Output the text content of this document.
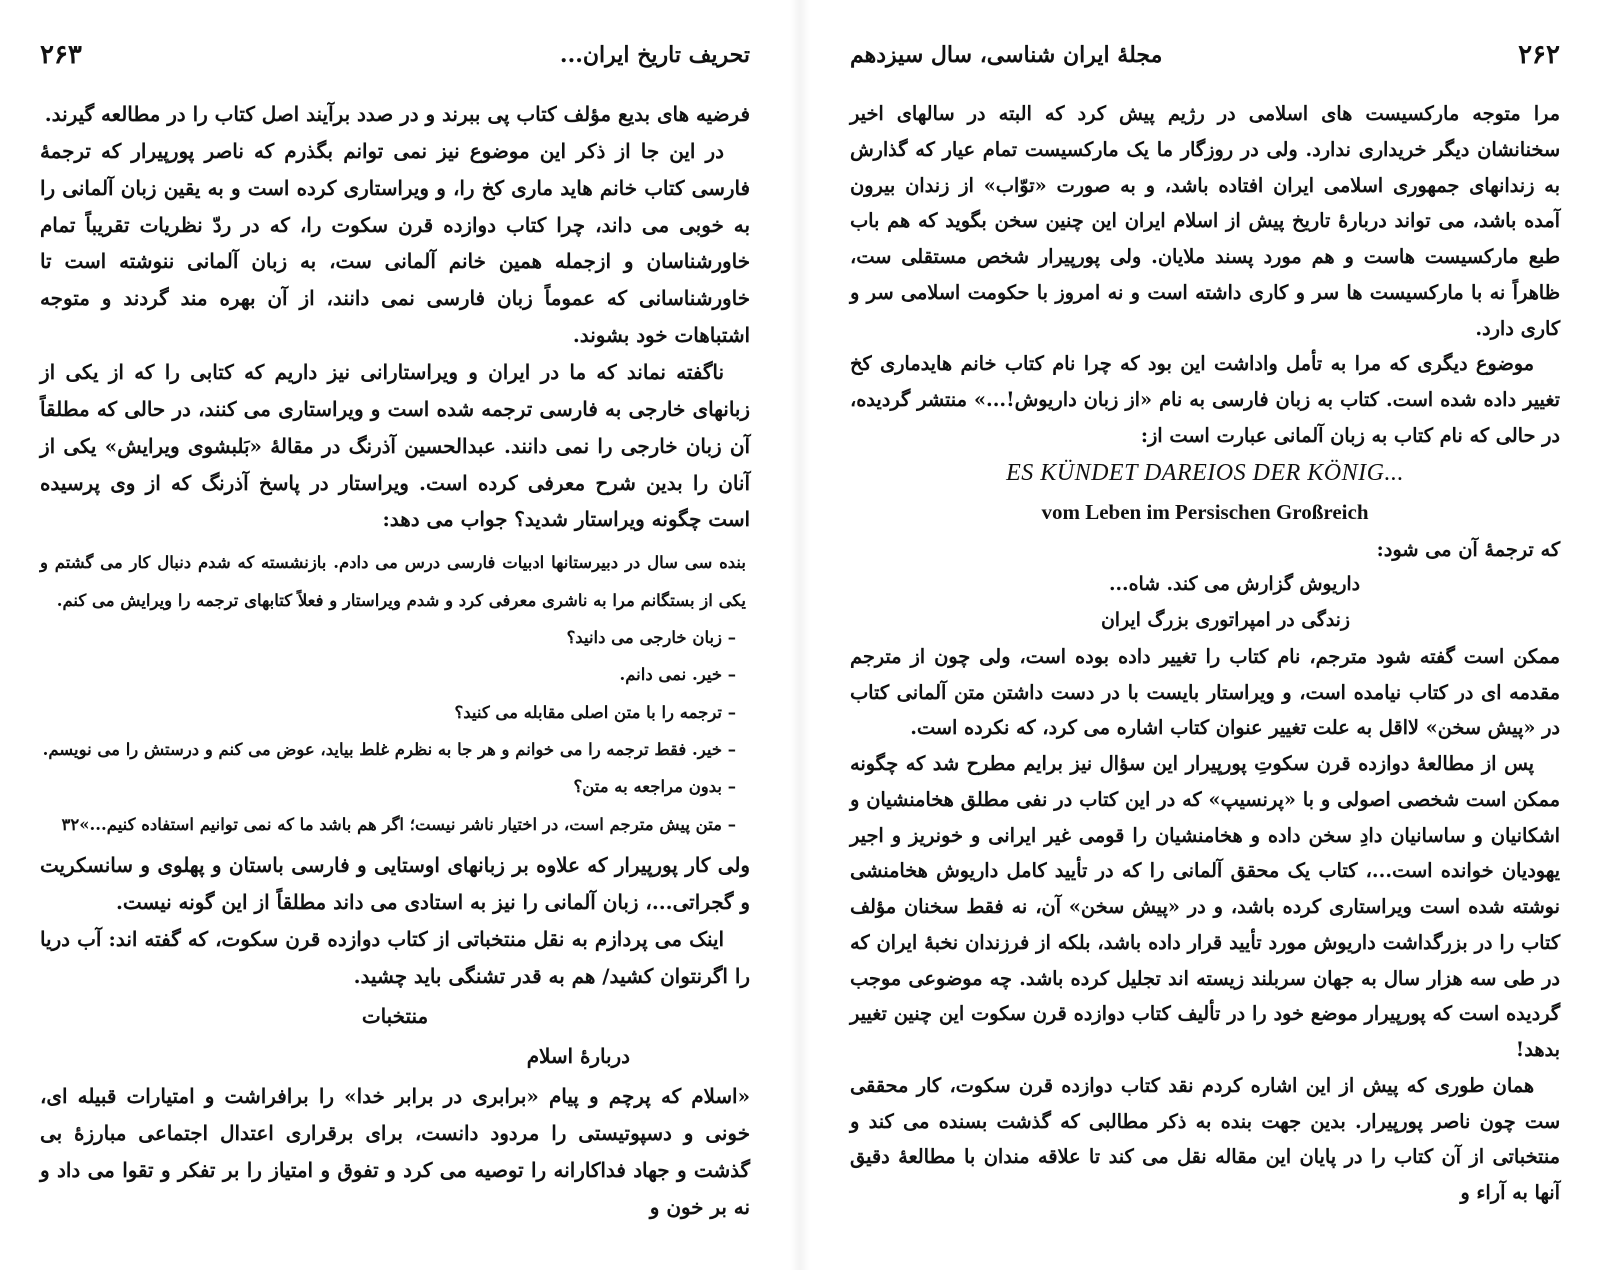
۲۶۳	تحریف تاریخ ایران...

فرضیه های بدیع مؤلف کتاب پی ببرند و در صدد برآیند اصل کتاب را در مطالعه گیرند.

در این جا از ذکر این موضوع نیز نمی توانم بگذرم که ناصر پورپیرار که ترجمهٔ فارسی کتاب خانم هاید ماری کخ را، و ویراستاری کرده است و به یقین زبان آلمانی را به خوبی می داند، چرا کتاب دوازده قرن سکوت را، که در ردّ نظریات تقریباً تمام خاورشناسان و ازجمله همین خانم آلمانی ست، به زبان آلمانی ننوشته است تا خاورشناسانی که عموماً زبان فارسی نمی دانند، از آن بهره مند گردند و متوجه اشتباهات خود بشوند.

ناگفته نماند که ما در ایران و ویراستارانی نیز داریم که کتابی را که از یکی از زبانهای خارجی به فارسی ترجمه شده است و ویراستاری می کنند، در حالی که مطلقاً آن زبان خارجی را نمی دانند. عبدالحسین آذرنگ در مقالهٔ «بَلبشوی ویرایش» یکی از آنان را بدین شرح معرفی کرده است. ویراستار در پاسخ آذرنگ که از وی پرسیده است چگونه ویراستار شدید؟ جواب می دهد:

بنده سی سال در دبیرستانها ادبیات فارسی درس می دادم. بازنشسته که شدم دنبال کار می گشتم و یکی از بستگانم مرا به ناشری معرفی کرد و شدم ویراستار و فعلاً کتابهای ترجمه را ویرایش می کنم.

– زبان خارجی می دانید؟

– خیر. نمی دانم.

– ترجمه را با متن اصلی مقابله می کنید؟

– خیر. فقط ترجمه را می خوانم و هر جا به نظرم غلط بیاید، عوض می کنم و درستش را می نویسم.

– بدون مراجعه به متن؟

– متن پیش مترجم است، در اختیار ناشر نیست؛ اگر هم باشد ما که نمی توانیم استفاده کنیم...»۳۲

ولی کار پورپیرار که علاوه بر زبانهای اوستایی و فارسی باستان و پهلوی و سانسکریت و گجراتی...، زبان آلمانی را نیز به استادی می داند مطلقاً از این گونه نیست.

اینک می پردازم به نقل منتخباتی از کتاب دوازده قرن سکوت، که گفته اند: آب دریا را اگرنتوان کشید/ هم به قدر تشنگی باید چشید.

منتخبات

دربارهٔ اسلام

«اسلام که پرچم و پیام «برابری در برابر خدا» را برافراشت و امتیارات قبیله ای، خونی و دسپوتیستی را مردود دانست، برای برقراری اعتدال اجتماعی مبارزهٔ بی گذشت و جهاد فداکارانه را توصیه می کرد و تفوق و امتیاز را بر تفکر و تقوا می داد و نه بر خون و

مجلهٔ ایران شناسی، سال سیزدهم	۲۶۲

مرا متوجه مارکسیست های اسلامی در رژیم پیش کرد که البته در سالهای اخیر سخنانشان دیگر خریداری ندارد. ولی در روزگار ما یک مارکسیست تمام عیار که گذارش به زندانهای جمهوری اسلامی ایران افتاده باشد، و به صورت «توّاب» از زندان بیرون آمده باشد، می تواند دربارهٔ تاریخ پیش از اسلام ایران این چنین سخن بگوید که هم باب طبع مارکسیست هاست و هم مورد پسند ملایان. ولی پورپیرار شخص مستقلی ست، ظاهراً نه با مارکسیست ها سر و کاری داشته است و نه امروز با حکومت اسلامی سر و کاری دارد.

موضوع دیگری که مرا به تأمل واداشت این بود که چرا نام کتاب خانم هایدماری کخ تغییر داده شده است. کتاب به زبان فارسی به نام «از زبان داریوش!...» منتشر گردیده، در حالی که نام کتاب به زبان آلمانی عبارت است از:

ES KÜNDET DAREIOS DER KÖNIG...

vom Leben im Persischen Großreich

که ترجمهٔ آن می شود:

داریوش گزارش می کند. شاه...

زندگی در امپراتوری بزرگ ایران

ممکن است گفته شود مترجم، نام کتاب را تغییر داده بوده است، ولی چون از مترجم مقدمه ای در کتاب نیامده است، و ویراستار بایست با در دست داشتن متن آلمانی کتاب در «پیش سخن» لااقل به علت تغییر عنوان کتاب اشاره می کرد، که نکرده است.

پس از مطالعهٔ دوازده قرن سکوتِ پورپیرار این سؤال نیز برایم مطرح شد که چگونه ممکن است شخصی اصولی و با «پرنسیپ» که در این کتاب در نفی مطلق هخامنشیان و اشکانیان و ساسانیان دادِ سخن داده و هخامنشیان را قومی غیر ایرانی و خونریز و اجیر یهودیان خوانده است...، کتاب یک محقق آلمانی را که در تأیید کامل داریوش هخامنشی نوشته شده است ویراستاری کرده باشد، و در «پیش سخن» آن، نه فقط سخنان مؤلف کتاب را در بزرگداشت داریوش مورد تأیید قرار داده باشد، بلکه از فرزندان نخبهٔ ایران که در طی سه هزار سال به جهان سربلند زیسته اند تجلیل کرده باشد. چه موضوعی موجب گردیده است که پورپیرار موضع خود را در تألیف کتاب دوازده قرن سکوت این چنین تغییر بدهد!

همان طوری که پیش از این اشاره کردم نقد کتاب دوازده قرن سکوت، کار محققی ست چون ناصر پورپیرار. بدین جهت بنده به ذکر مطالبی که گذشت بسنده می کند و منتخباتی از آن کتاب را در پایان این مقاله نقل می کند تا علاقه مندان با مطالعهٔ دقیق آنها به آراء و
